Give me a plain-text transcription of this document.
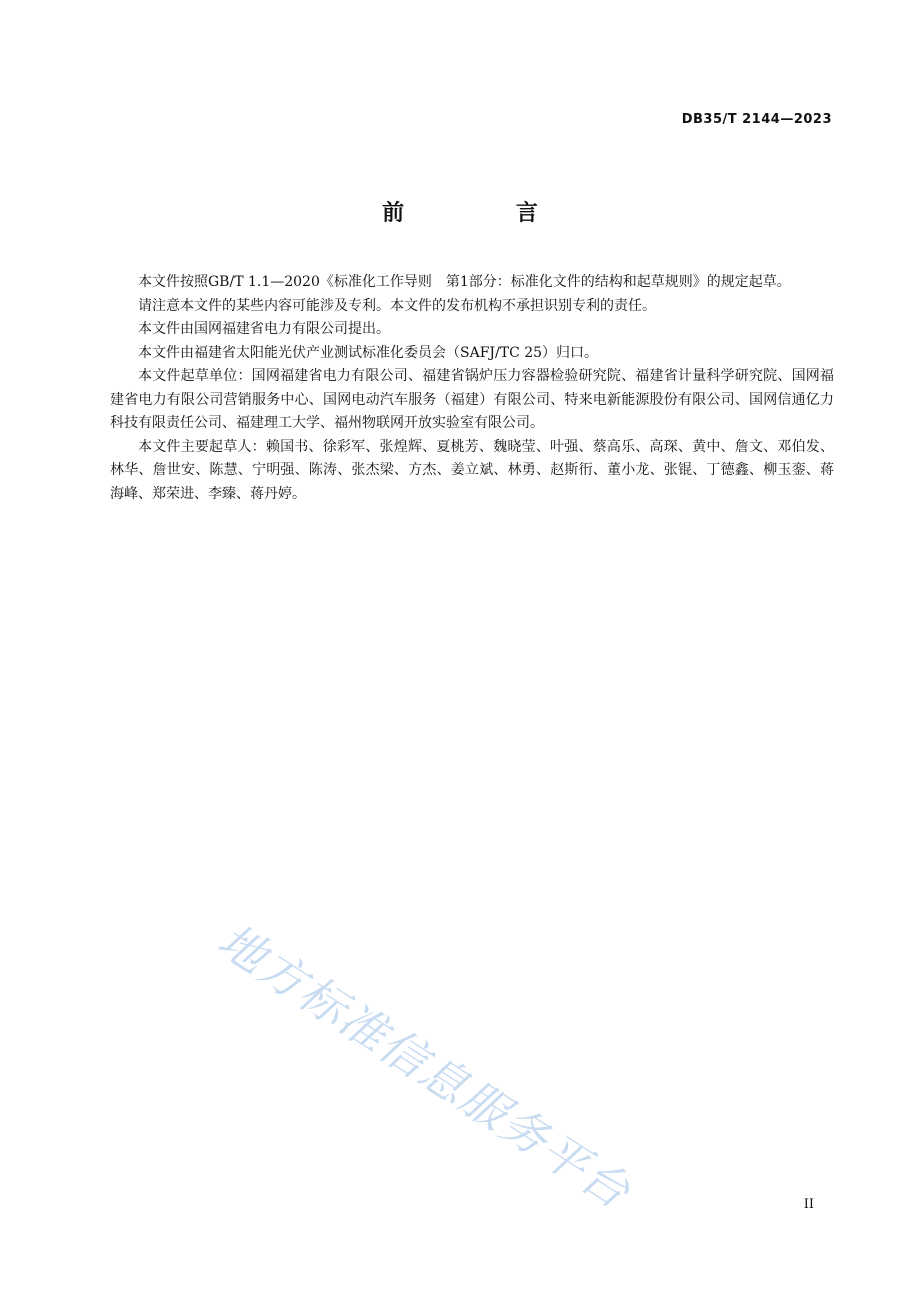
DB35/T 2144—2023
前 言

本文件按照GB/T 1.1—2020《标准化工作导则　第1部分：标准化文件的结构和起草规则》的规定起草。

请注意本文件的某些内容可能涉及专利。本文件的发布机构不承担识别专利的责任。

本文件由国网福建省电力有限公司提出。

本文件由福建省太阳能光伏产业测试标准化委员会（SAFJ/TC 25）归口。

本文件起草单位：国网福建省电力有限公司、福建省锅炉压力容器检验研究院、福建省计量科学研究院、国网福建省电力有限公司营销服务中心、国网电动汽车服务（福建）有限公司、特来电新能源股份有限公司、国网信通亿力科技有限责任公司、福建理工大学、福州物联网开放实验室有限公司。

本文件主要起草人：赖国书、徐彩军、张煌辉、夏桃芳、魏晓莹、叶强、蔡高乐、高琛、黄中、詹文、邓伯发、林华、詹世安、陈慧、宁明强、陈涛、张杰梁、方杰、姜立斌、林勇、赵斯衎、董小龙、张锟、丁德鑫、柳玉銮、蒋海峰、郑荣进、李臻、蒋丹婷。

地方标准信息服务平台	II
